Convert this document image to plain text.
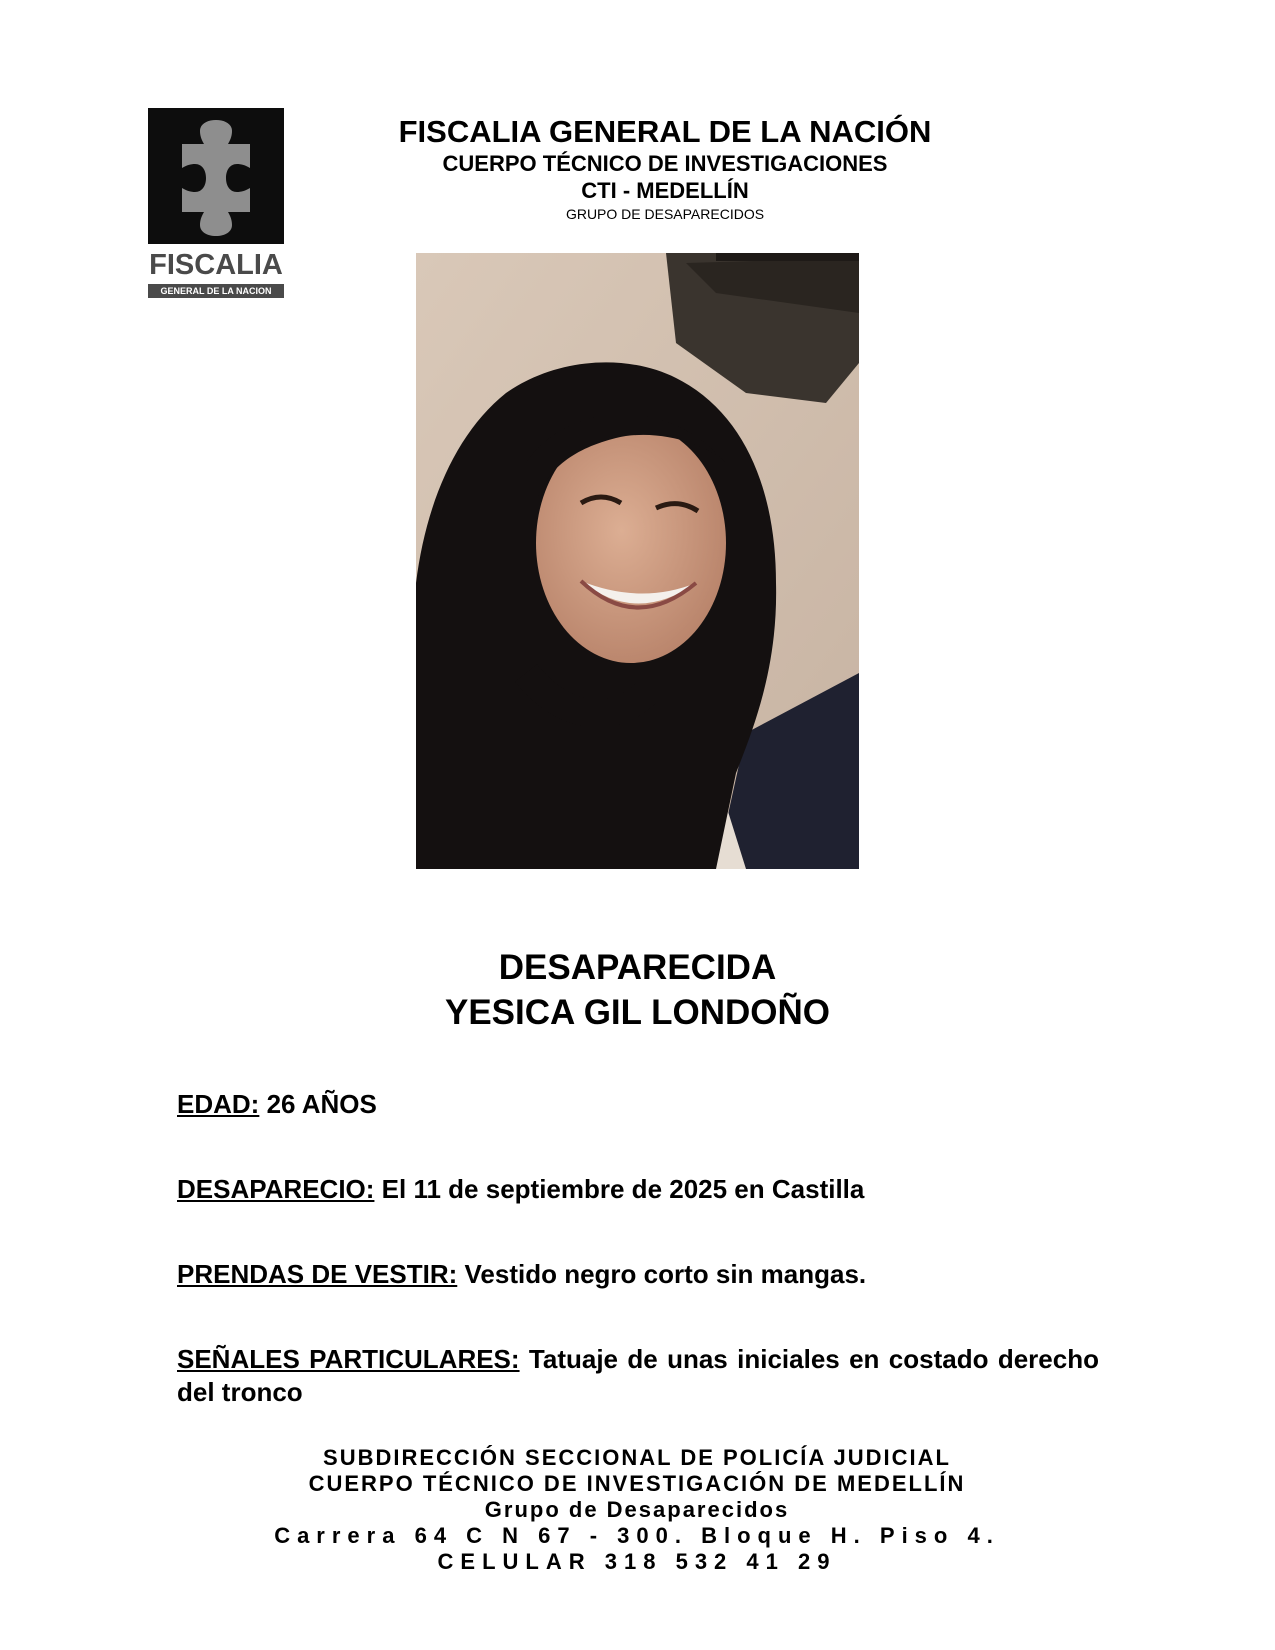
FISCALIA
GENERAL DE LA NACION
FISCALIA GENERAL DE LA NACIÓN
CUERPO TÉCNICO DE INVESTIGACIONES
CTI - MEDELLÍN
GRUPO DE DESAPARECIDOS
DESAPARECIDA
YESICA GIL LONDOÑO
EDAD: 26 AÑOS
DESAPARECIO: El 11 de septiembre de 2025 en Castilla
PRENDAS DE VESTIR: Vestido negro corto sin mangas.
SEÑALES PARTICULARES: Tatuaje de unas iniciales en costado derecho del tronco
SUBDIRECCIÓN SECCIONAL DE POLICÍA JUDICIAL
CUERPO TÉCNICO DE INVESTIGACIÓN DE MEDELLÍN
Grupo de Desaparecidos
Carrera 64 C N 67 - 300. Bloque H. Piso 4.
CELULAR 318 532 41 29
